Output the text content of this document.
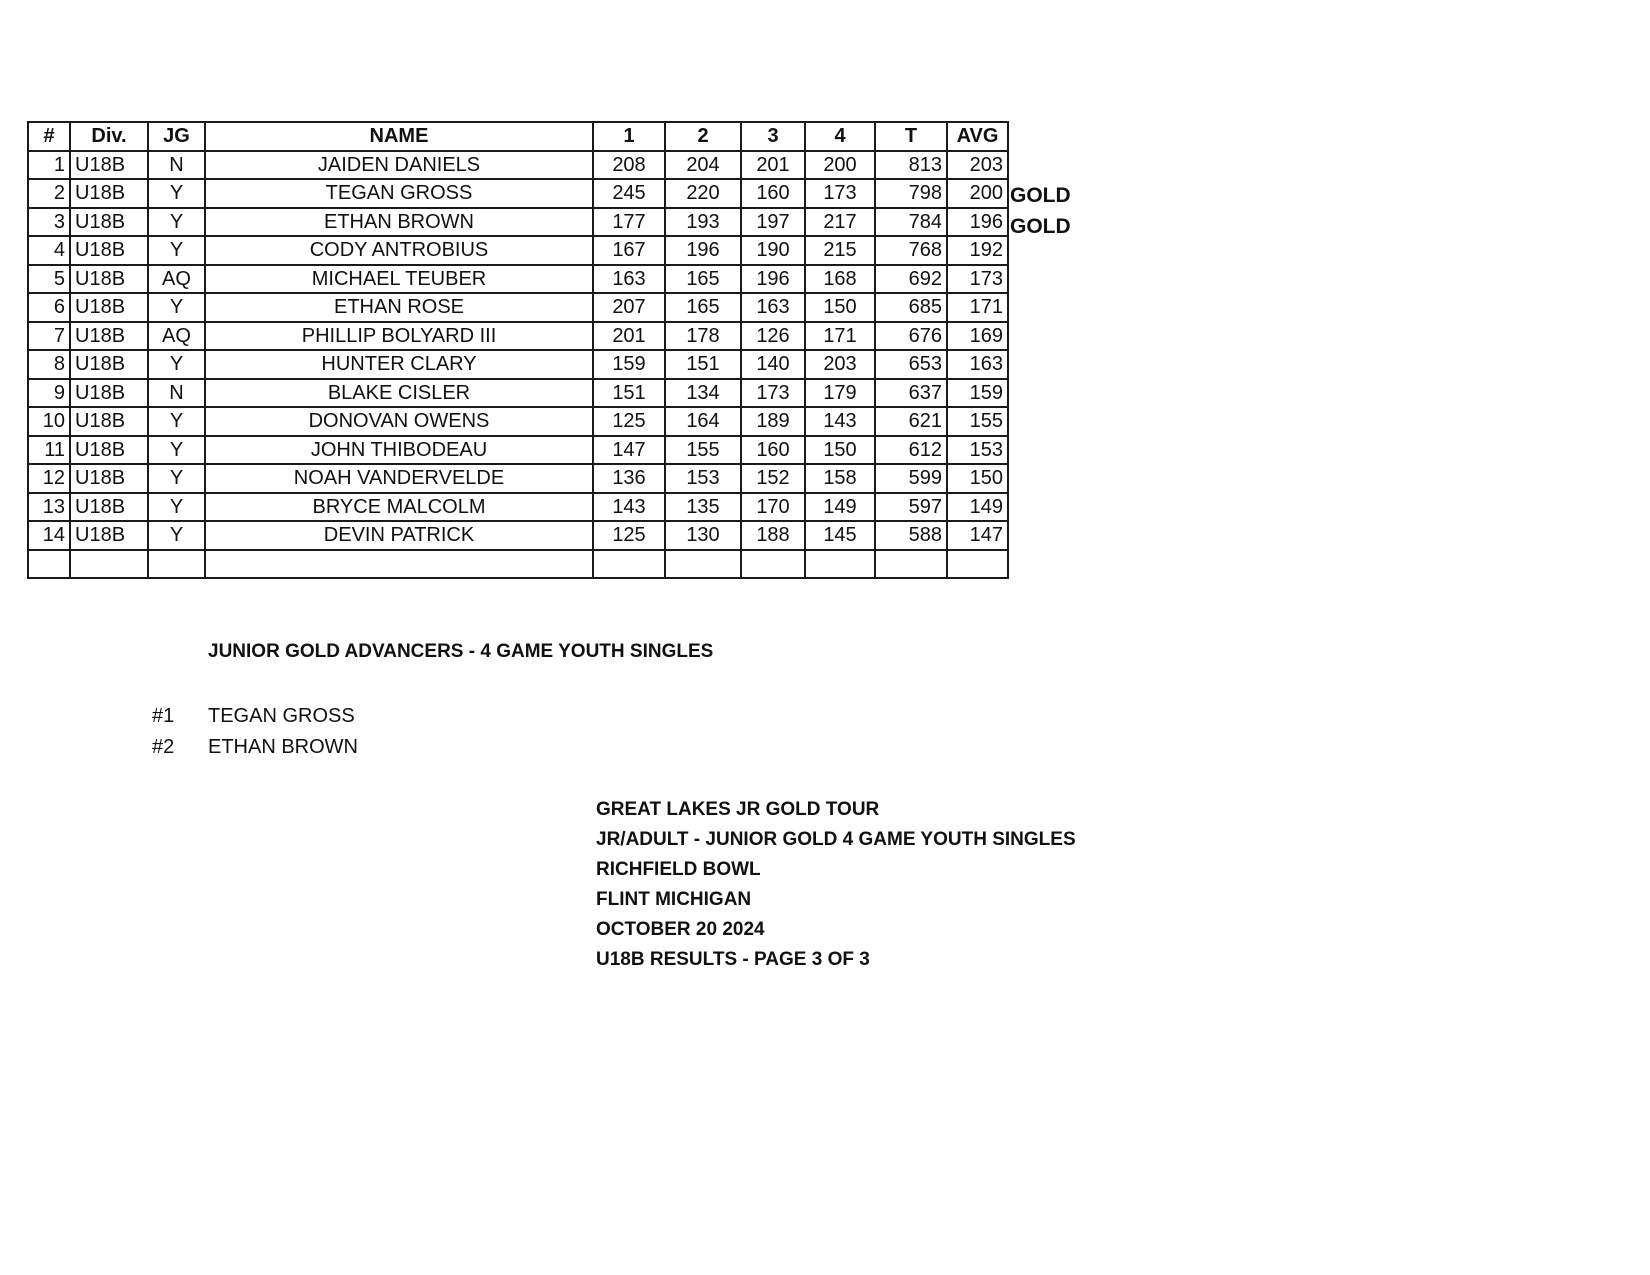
#	Div.	JG	NAME	1	2	3	4	T	AVG
1	U18B	N	JAIDEN DANIELS	208	204	201	200	813	203
2	U18B	Y	TEGAN GROSS	245	220	160	173	798	200
3	U18B	Y	ETHAN BROWN	177	193	197	217	784	196
4	U18B	Y	CODY ANTROBIUS	167	196	190	215	768	192
5	U18B	AQ	MICHAEL TEUBER	163	165	196	168	692	173
6	U18B	Y	ETHAN ROSE	207	165	163	150	685	171
7	U18B	AQ	PHILLIP BOLYARD III	201	178	126	171	676	169
8	U18B	Y	HUNTER CLARY	159	151	140	203	653	163
9	U18B	N	BLAKE CISLER	151	134	173	179	637	159
10	U18B	Y	DONOVAN OWENS	125	164	189	143	621	155
11	U18B	Y	JOHN THIBODEAU	147	155	160	150	612	153
12	U18B	Y	NOAH VANDERVELDE	136	153	152	158	599	150
13	U18B	Y	BRYCE MALCOLM	143	135	170	149	597	149
14	U18B	Y	DEVIN PATRICK	125	130	188	145	588	147

GOLD
GOLD
JUNIOR GOLD ADVANCERS - 4 GAME YOUTH SINGLES
#1 TEGAN GROSS
#2 ETHAN BROWN
GREAT LAKES JR GOLD TOUR
JR/ADULT - JUNIOR GOLD 4 GAME YOUTH SINGLES
RICHFIELD BOWL
FLINT MICHIGAN
OCTOBER 20 2024
U18B RESULTS - PAGE 3 OF 3
